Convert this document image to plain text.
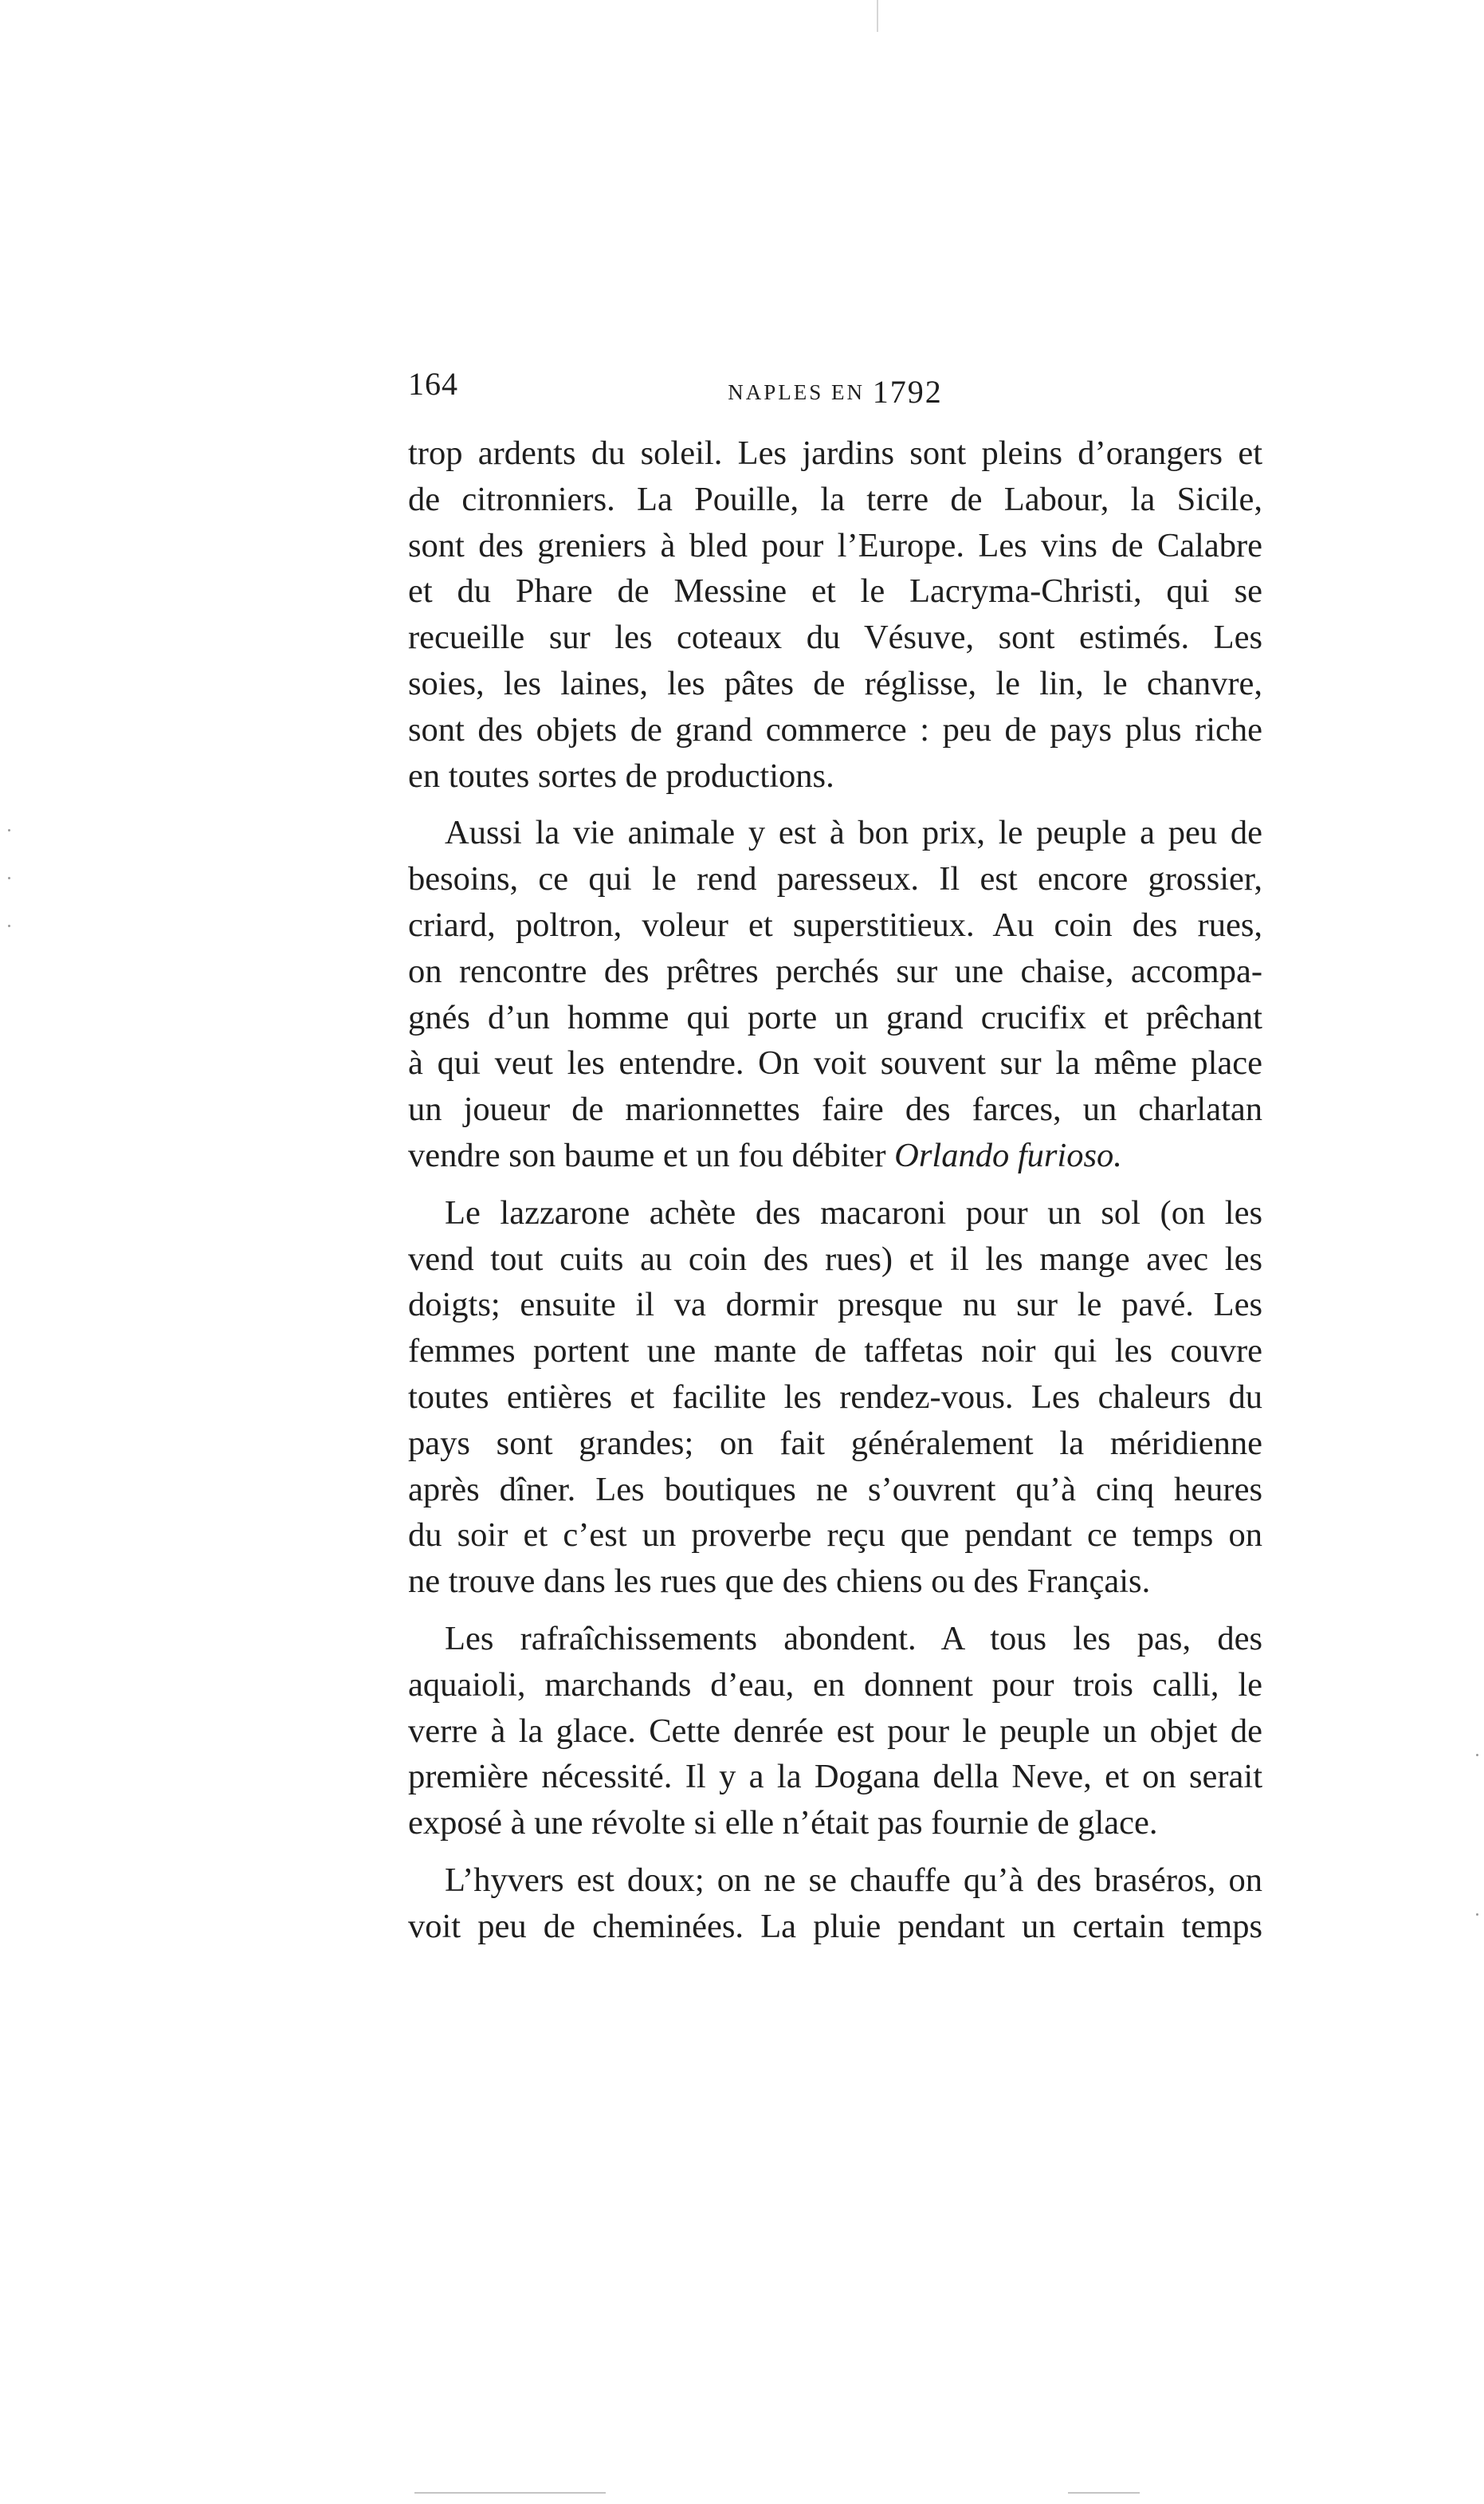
164	NAPLES EN 1792

trop ardents du soleil. Les jardins sont pleins d’orangers et
de citronniers. La Pouille, la terre de Labour, la Sicile,
sont des greniers à bled pour l’Europe. Les vins de Calabre
et du Phare de Messine et le Lacryma-Christi, qui se
recueille sur les coteaux du Vésuve, sont estimés. Les
soies, les laines, les pâtes de réglisse, le lin, le chanvre,
sont des objets de grand commerce : peu de pays plus riche
en toutes sortes de productions.

Aussi la vie animale y est à bon prix, le peuple a peu de
besoins, ce qui le rend paresseux. Il est encore grossier,
criard, poltron, voleur et superstitieux. Au coin des rues,
on rencontre des prêtres perchés sur une chaise, accompa-
gnés d’un homme qui porte un grand crucifix et prêchant
à qui veut les entendre. On voit souvent sur la même place
un joueur de marionnettes faire des farces, un charlatan
vendre son baume et un fou débiter Orlando furioso.

Le lazzarone achète des macaroni pour un sol (on les
vend tout cuits au coin des rues) et il les mange avec les
doigts; ensuite il va dormir presque nu sur le pavé. Les
femmes portent une mante de taffetas noir qui les couvre
toutes entières et facilite les rendez-vous. Les chaleurs du
pays sont grandes; on fait généralement la méridienne
après dîner. Les boutiques ne s’ouvrent qu’à cinq heures
du soir et c’est un proverbe reçu que pendant ce temps on
ne trouve dans les rues que des chiens ou des Français.

Les rafraîchissements abondent. A tous les pas, des
aquaioli, marchands d’eau, en donnent pour trois calli, le
verre à la glace. Cette denrée est pour le peuple un objet de
première nécessité. Il y a la Dogana della Neve, et on serait
exposé à une révolte si elle n’était pas fournie de glace.

L’hyvers est doux; on ne se chauffe qu’à des braséros, on
voit peu de cheminées. La pluie pendant un certain temps
